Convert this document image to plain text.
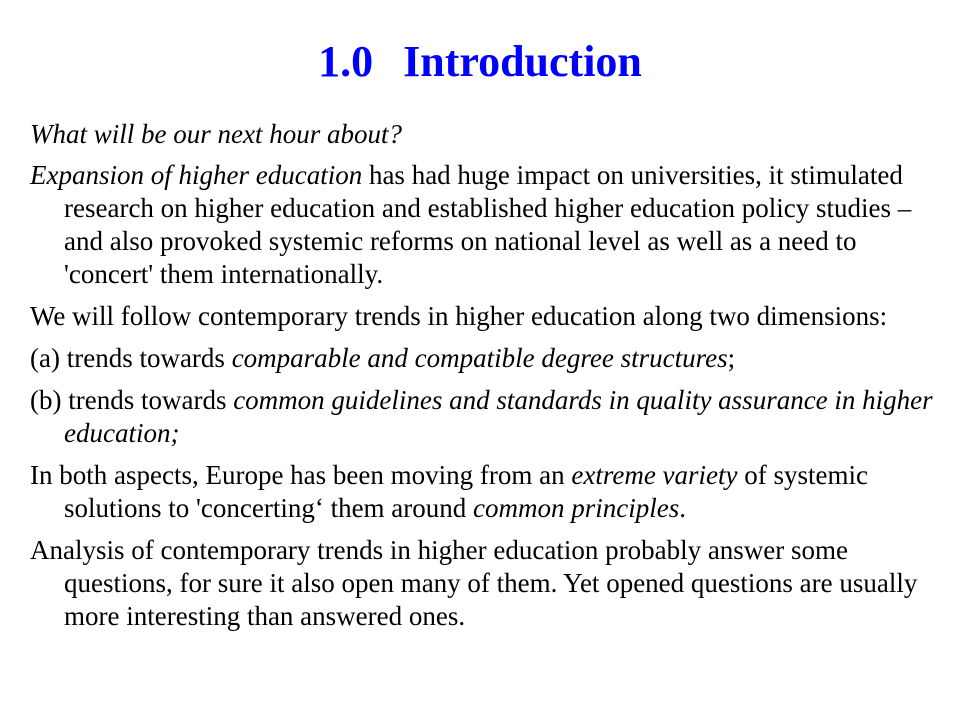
1.0 Introduction

What will be our next hour about?

Expansion of higher education has had huge impact on universities, it stimulated research on higher education and established higher education policy studies – and also provoked systemic reforms on national level as well as a need to 'concert' them internationally.

We will follow contemporary trends in higher education along two dimensions:

(a) trends towards comparable and compatible degree structures;

(b) trends towards common guidelines and standards in quality assurance in higher education;

In both aspects, Europe has been moving from an extreme variety of systemic solutions to 'concerting‘ them around common principles.

Analysis of contemporary trends in higher education probably answer some questions, for sure it also open many of them. Yet opened questions are usually more interesting than answered ones.
